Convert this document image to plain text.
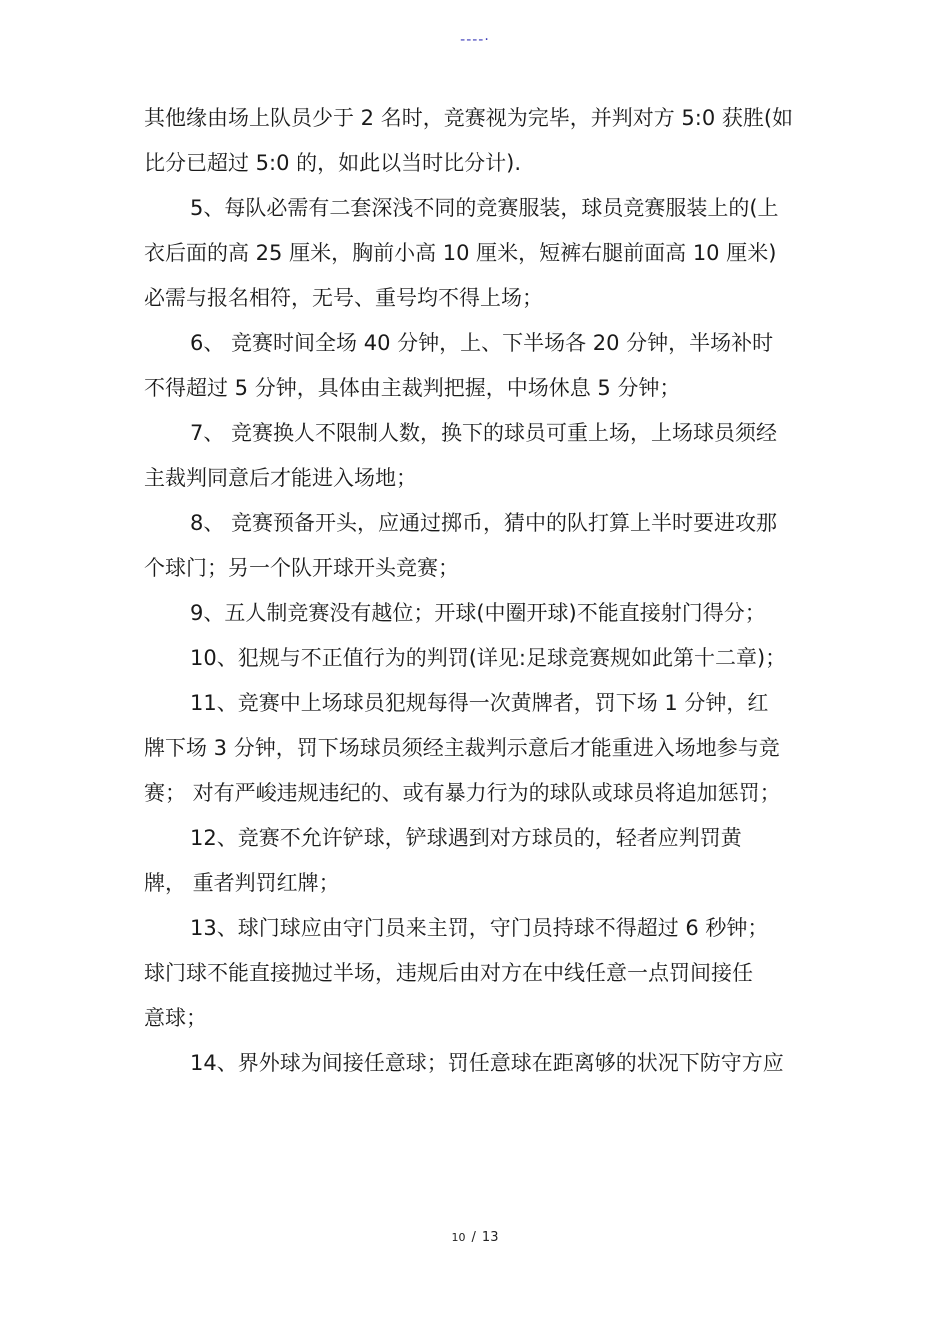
----·

其他缘由场上队员少于 2 名时，竞赛视为完毕，并判对方 5:0 获胜(如

比分已超过 5:0 的，如此以当时比分计).

5、每队必需有二套深浅不同的竞赛服装，球员竞赛服装上的(上

衣后面的高 25 厘米，胸前小高 10 厘米，短裤右腿前面高 10 厘米)

必需与报名相符，无号、重号均不得上场；

6、 竞赛时间全场 40 分钟，上、下半场各 20 分钟，半场补时

不得超过 5 分钟，具体由主裁判把握，中场休息 5 分钟；

7、 竞赛换人不限制人数，换下的球员可重上场，上场球员须经

主裁判同意后才能进入场地；

8、 竞赛预备开头，应通过掷币，猜中的队打算上半时要进攻那

个球门；另一个队开球开头竞赛；

9、五人制竞赛没有越位；开球(中圈开球)不能直接射门得分；

10、犯规与不正值行为的判罚(详见:足球竞赛规如此第十二章)；

11、竞赛中上场球员犯规每得一次黄牌者，罚下场 1 分钟，红

牌下场 3 分钟，罚下场球员须经主裁判示意后才能重进入场地参与竞

赛； 对有严峻违规违纪的、或有暴力行为的球队或球员将追加惩罚；

12、竞赛不允许铲球，铲球遇到对方球员的，轻者应判罚黄

牌， 重者判罚红牌；

13、球门球应由守门员来主罚，守门员持球不得超过 6 秒钟；

球门球不能直接抛过半场，违规后由对方在中线任意一点罚间接任

意球；

14、界外球为间接任意球；罚任意球在距离够的状况下防守方应

10 / 13
